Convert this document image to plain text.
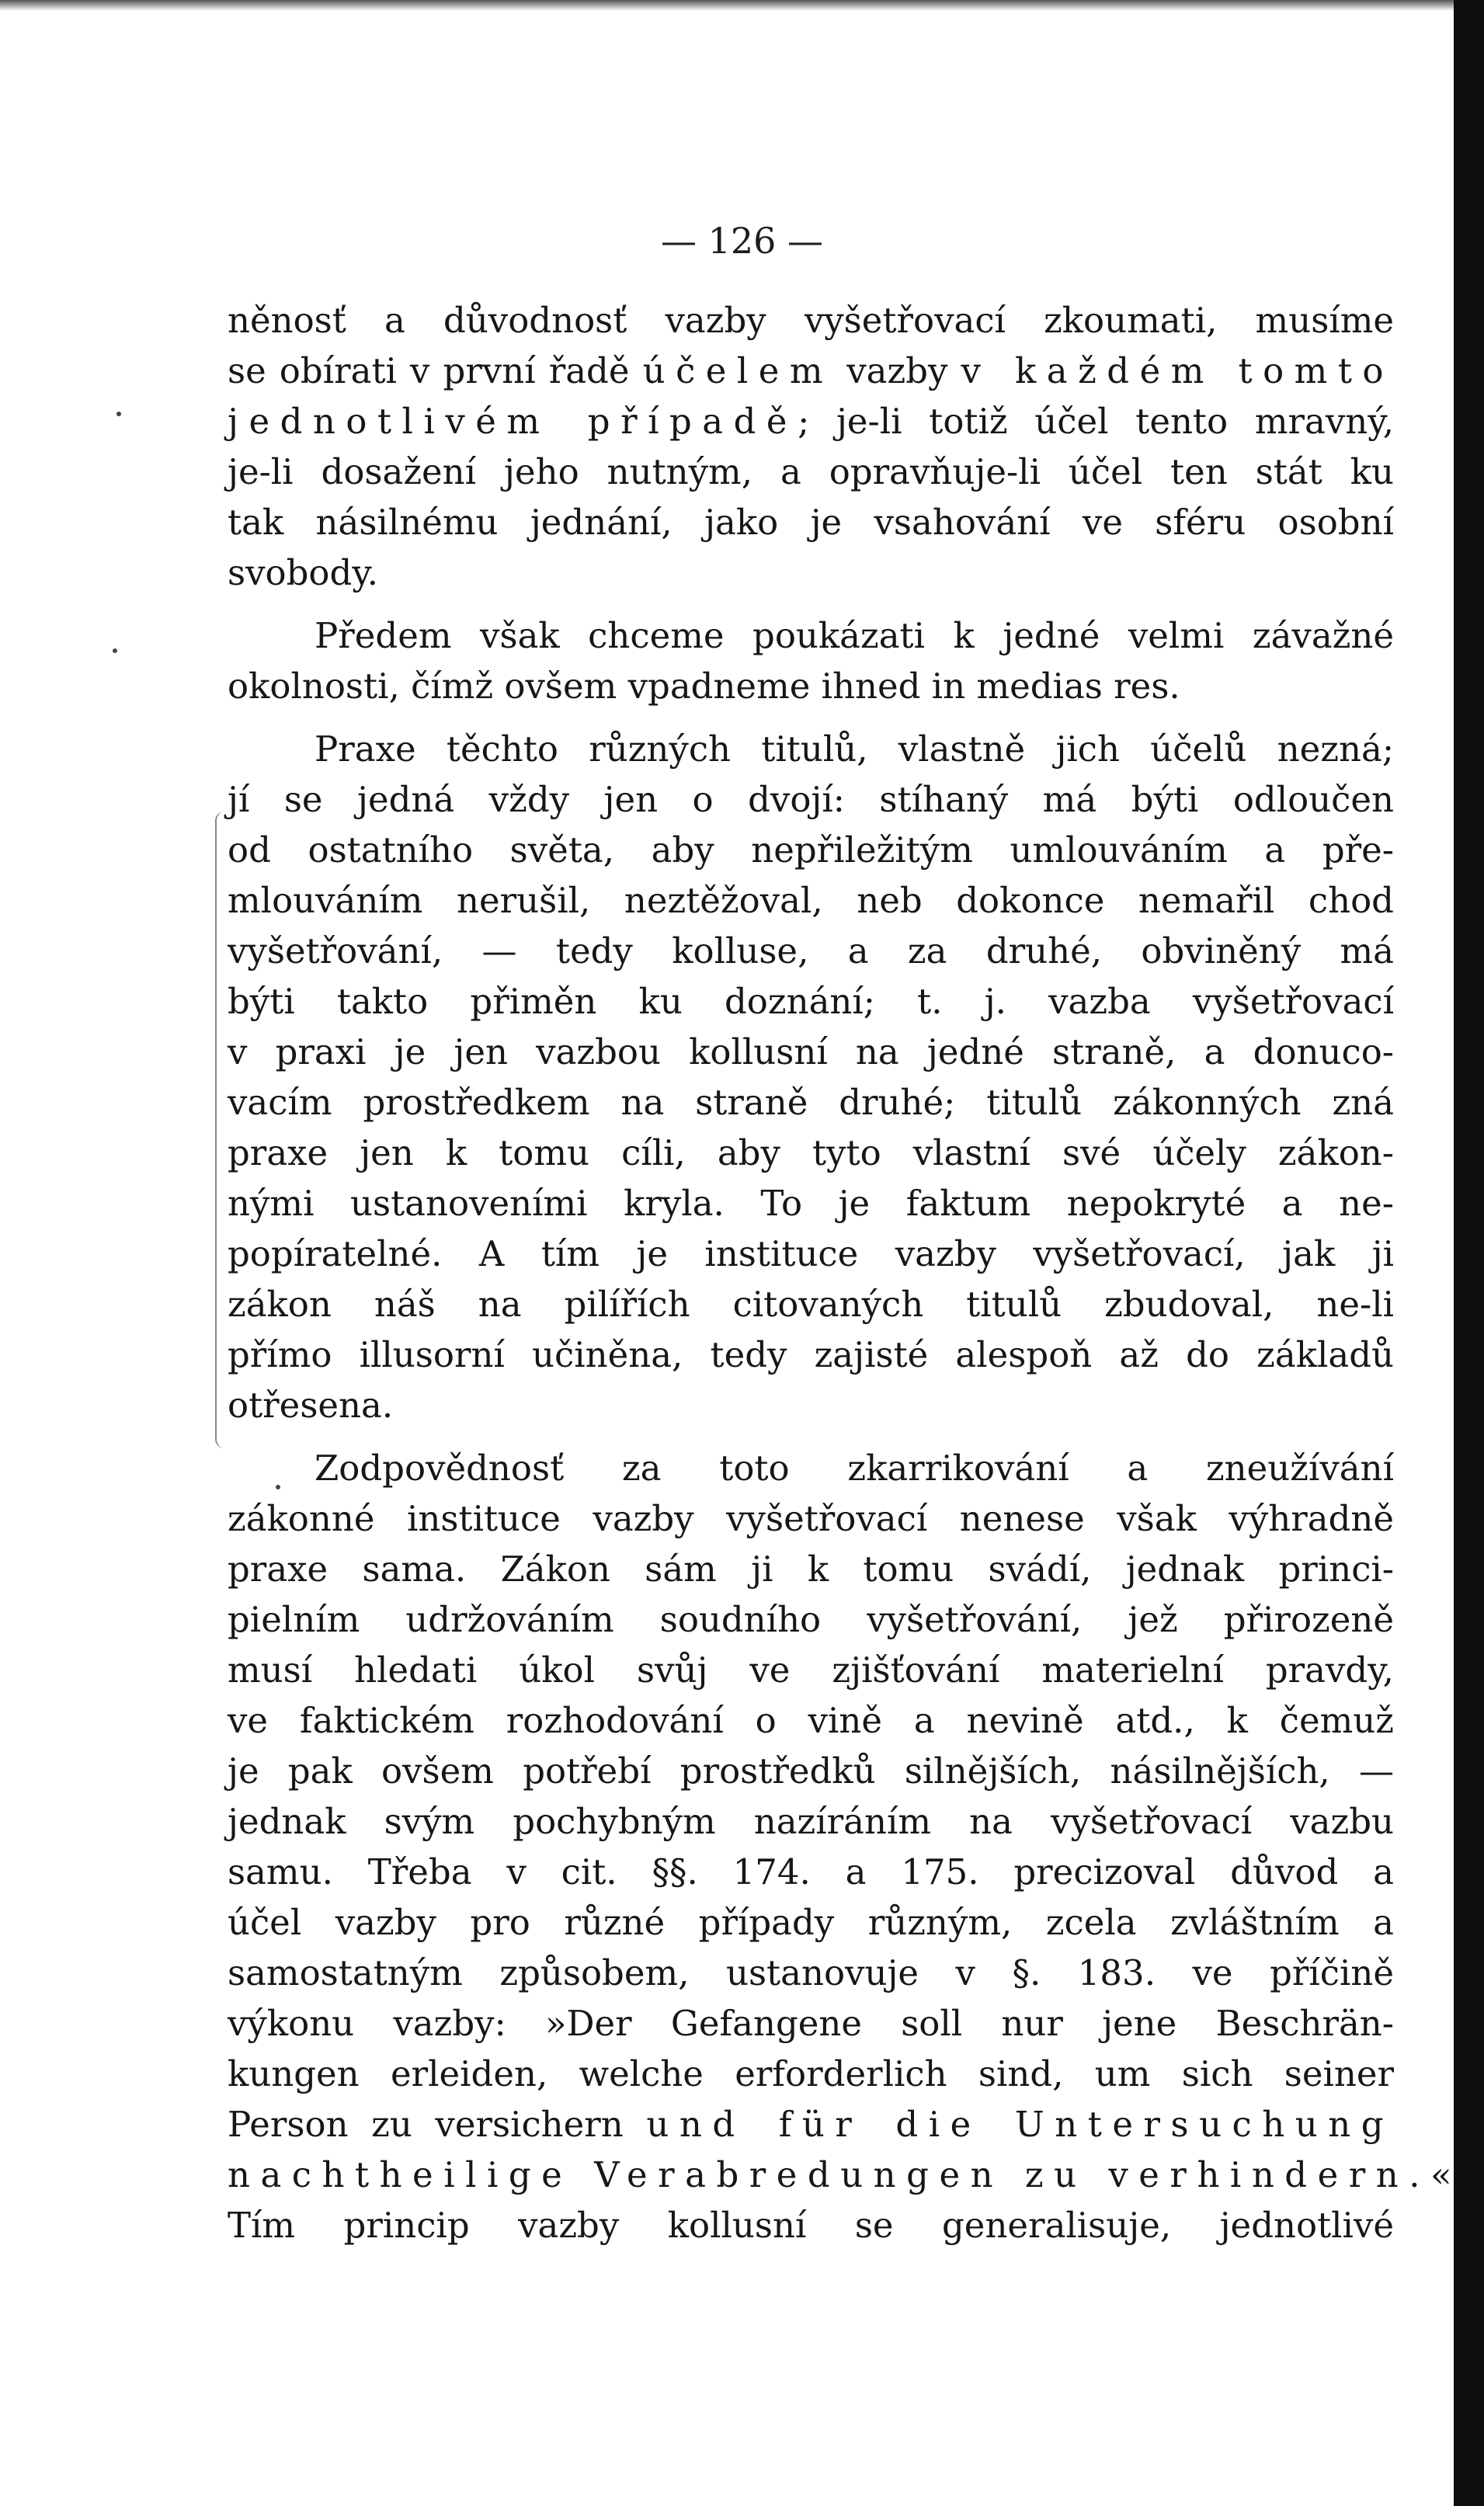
— 126 —
něnosť a důvodnosť vazby vyšetřovací zkoumati, musíme
se obírati v první řadě účelem vazby v každém tomto
jednotlivém případě; je-li totiž účel tento mravný,
je-li dosažení jeho nutným, a opravňuje-li účel ten stát ku
tak násilnému jednání, jako je vsahování ve sféru osobní
svobody.
Předem však chceme poukázati k jedné velmi závažné
okolnosti, čímž ovšem vpadneme ihned in medias res.
Praxe těchto různých titulů, vlastně jich účelů nezná;
jí se jedná vždy jen o dvojí: stíhaný má býti odloučen
od ostatního světa, aby nepřiležitým umlouváním a pře-
mlouváním nerušil, neztěžoval, neb dokonce nemařil chod
vyšetřování, — tedy kolluse, a za druhé, obviněný má
býti takto přiměn ku doznání; t. j. vazba vyšetřovací
v praxi je jen vazbou kollusní na jedné straně, a donuco-
vacím prostředkem na straně druhé; titulů zákonných zná
praxe jen k tomu cíli, aby tyto vlastní své účely zákon-
nými ustanoveními kryla. To je faktum nepokryté a ne-
popíratelné. A tím je instituce vazby vyšetřovací, jak ji
zákon náš na pilířích citovaných titulů zbudoval, ne-li
přímo illusorní učiněna, tedy zajisté alespoň až do základů
otřesena.
Zodpovědnosť za toto zkarrikování a zneužívání
zákonné instituce vazby vyšetřovací nenese však výhradně
praxe sama. Zákon sám ji k tomu svádí, jednak princi-
pielním udržováním soudního vyšetřování, jež přirozeně
musí hledati úkol svůj ve zjišťování materielní pravdy,
ve faktickém rozhodování o vině a nevině atd., k čemuž
je pak ovšem potřebí prostředků silnějších, násilnějších, —
jednak svým pochybným nazíráním na vyšetřovací vazbu
samu. Třeba v cit. §§. 174. a 175. precizoval důvod a
účel vazby pro různé případy různým, zcela zvláštním a
samostatným způsobem, ustanovuje v §. 183. ve příčině
výkonu vazby: »Der Gefangene soll nur jene Beschrän-
kungen erleiden, welche erforderlich sind, um sich seiner
Person zu versichern und für die Untersuchung
nachtheilige Verabredungen zu verhindern.«
Tím princip vazby kollusní se generalisuje, jednotlivé
